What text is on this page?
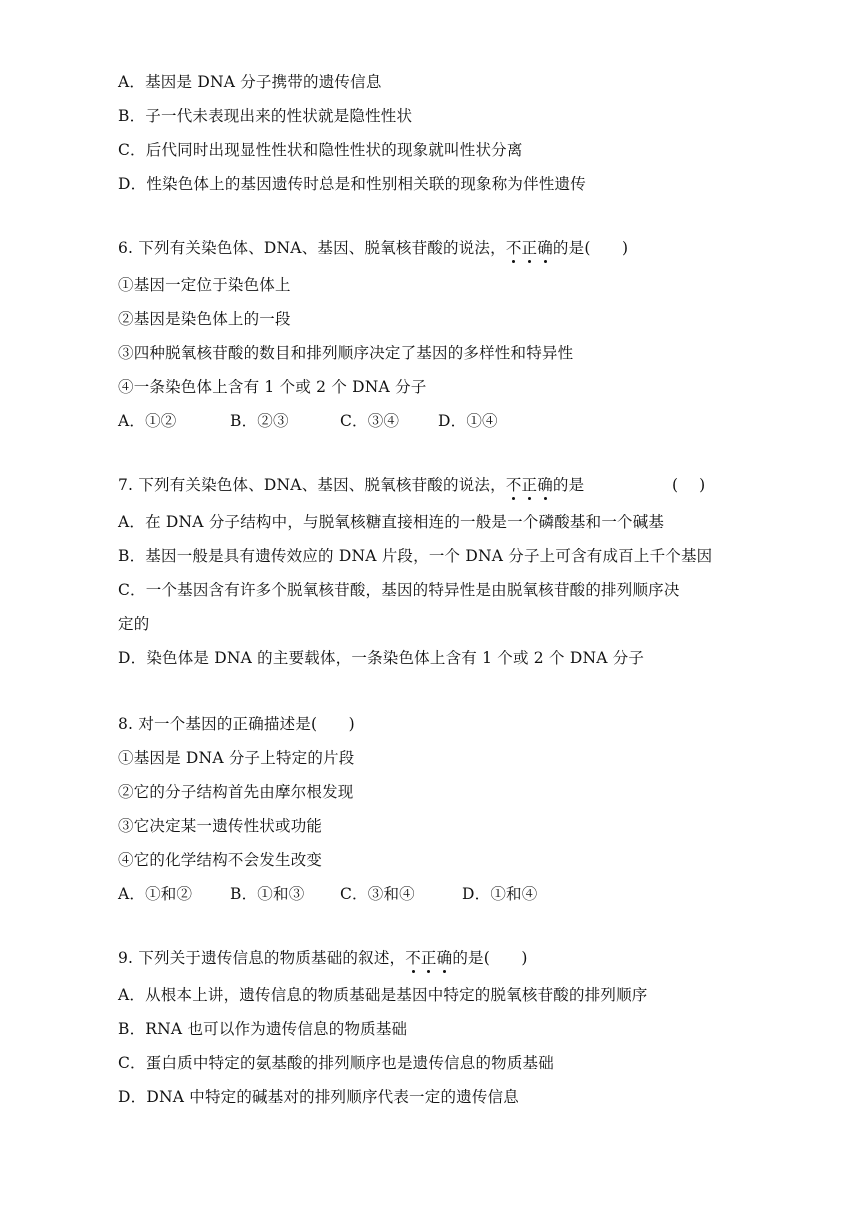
A．基因是 DNA 分子携带的遗传信息
B．子一代未表现出来的性状就是隐性性状
C．后代同时出现显性性状和隐性性状的现象就叫性状分离
D．性染色体上的基因遗传时总是和性别相关联的现象称为伴性遗传
6. 下列有关染色体、DNA、基因、脱氧核苷酸的说法，不正确的是(　　)
①基因一定位于染色体上
②基因是染色体上的一段
③四种脱氧核苷酸的数目和排列顺序决定了基因的多样性和特异性
④一条染色体上含有 1 个或 2 个 DNA 分子
A．①②	B．②③	C．③④	D．①④
7. 下列有关染色体、DNA、基因、脱氧核苷酸的说法，不正确的是	(　 )
A．在 DNA 分子结构中，与脱氧核糖直接相连的一般是一个磷酸基和一个碱基
B．基因一般是具有遗传效应的 DNA 片段，一个 DNA 分子上可含有成百上千个基因
C．一个基因含有许多个脱氧核苷酸，基因的特异性是由脱氧核苷酸的排列顺序决
定的
D．染色体是 DNA 的主要载体，一条染色体上含有 1 个或 2 个 DNA 分子
8. 对一个基因的正确描述是(　　)
①基因是 DNA 分子上特定的片段
②它的分子结构首先由摩尔根发现
③它决定某一遗传性状或功能
④它的化学结构不会发生改变
A．①和② B．①和③ C．③和④	D．①和④
9. 下列关于遗传信息的物质基础的叙述，不正确的是(　　)
A．从根本上讲，遗传信息的物质基础是基因中特定的脱氧核苷酸的排列顺序
B．RNA 也可以作为遗传信息的物质基础
C．蛋白质中特定的氨基酸的排列顺序也是遗传信息的物质基础
D．DNA 中特定的碱基对的排列顺序代表一定的遗传信息
